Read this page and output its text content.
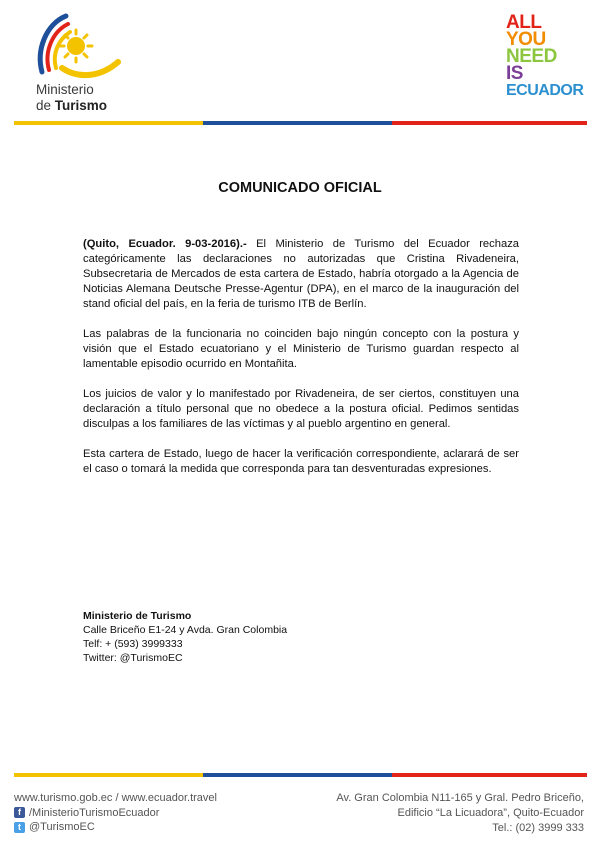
Ministerio
de Turismo
ALL
YOU
NEED
IS
ECUADOR
COMUNICADO OFICIAL

(Quito, Ecuador. 9-03-2016).- El Ministerio de Turismo del Ecuador rechaza categóricamente las declaraciones no autorizadas que Cristina Rivadeneira, Subsecretaria de Mercados de esta cartera de Estado, habría otorgado a la Agencia de Noticias Alemana Deutsche Presse-Agentur (DPA), en el marco de la inauguración del stand oficial del país, en la feria de turismo ITB de Berlín.

Las palabras de la funcionaria no coinciden bajo ningún concepto con la postura y visión que el Estado ecuatoriano y el Ministerio de Turismo guardan respecto al lamentable episodio ocurrido en Montañita.

Los juicios de valor y lo manifestado por Rivadeneira, de ser ciertos, constituyen una declaración a título personal que no obedece a la postura oficial. Pedimos sentidas disculpas a los familiares de las víctimas y al pueblo argentino en general.

Esta cartera de Estado, luego de hacer la verificación correspondiente, aclarará de ser el caso o tomará la medida que corresponda para tan desventuradas expresiones.

Ministerio de Turismo
Calle Briceño E1-24 y Avda. Gran Colombia
Telf: + (593) 3999333
Twitter: @TurismoEC
www.turismo.gob.ec / www.ecuador.travel
f /MinisterioTurismoEcuador
t @TurismoEC
Av. Gran Colombia N11-165 y Gral. Pedro Briceño,
Edificio “La Licuadora”, Quito-Ecuador
Tel.: (02) 3999 333
